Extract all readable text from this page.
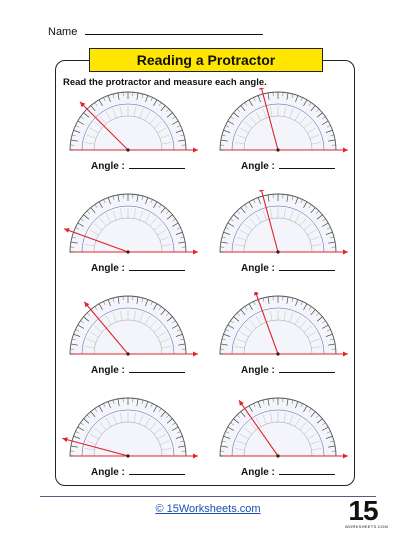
Name
Reading a Protractor
Read the protractor and measure each angle.
Angle :	Angle :
Angle :	Angle :
Angle :	Angle :
Angle :	Angle :
© 15Worksheets.com	15
WORKSHEETS.COM
